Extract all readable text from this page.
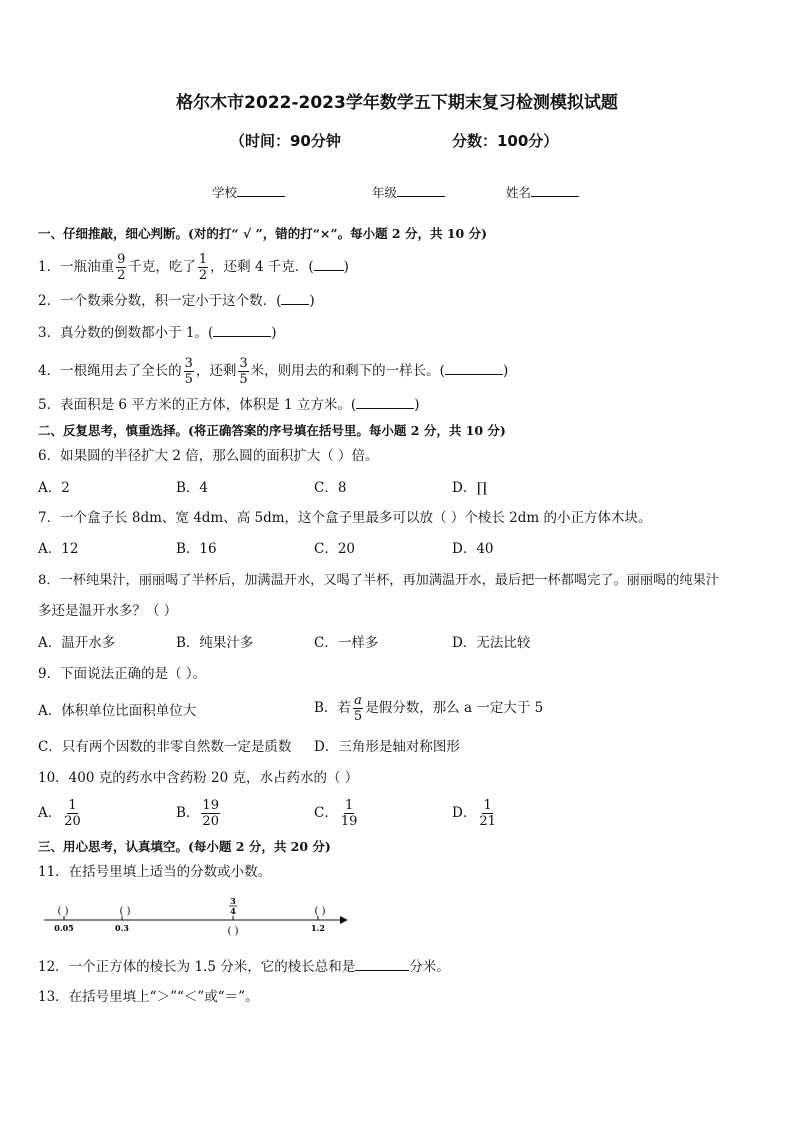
格尔木市2022-2023学年数学五下期末复习检测模拟试题
（时间：90分钟	分数：100分）
学校	年级	姓名
一、仔细推敲，细心判断。(对的打“ √ ”，错的打“×”。每小题 2 分，共 10 分)
1．一瓶油重 $\frac{9}{2}$ 千克，吃了 $\frac{1}{2}$ ，还剩 4 千克．( )
2．一个数乘分数，积一定小于这个数．( )
3．真分数的倒数都小于 1。(	)
4．一根绳用去了全长的 $\frac{3}{5}$ ，还剩 $\frac{3}{5}$ 米，则用去的和剩下的一样长。(	)
5．表面积是 6 平方米的正方体，体积是 1 立方米。(	)
二、反复思考，慎重选择。(将正确答案的序号填在括号里。每小题 2 分，共 10 分)
6．如果圆的半径扩大 2 倍，那么圆的面积扩大（ ）倍。
A．2	B．4	C．8	D．∏
7．一个盒子长 8dm、宽 4dm、高 5dm，这个盒子里最多可以放（ ）个棱长 2dm 的小正方体木块。
A．12	B．16	C．20	D．40
8．一杯纯果汁，丽丽喝了半杯后，加满温开水，又喝了半杯，再加满温开水，最后把一杯都喝完了。丽丽喝的纯果汁
多还是温开水多？（ ）
A．温开水多	B．纯果汁多	C．一样多	D．无法比较
9．下面说法正确的是（ ）。
A．体积单位比面积单位大	B．若 $\frac{a}{5}$ 是假分数，那么 a 一定大于 5
C．只有两个因数的非零自然数一定是质数 D．三角形是轴对称图形
10．400 克的药水中含药粉 20 克，水占药水的（ ）
A． $\frac{1}{20}$	B． $\frac{19}{20}$	C． $\frac{1}{19}$	D． $\frac{1}{21}$
三、用心思考，认真填空。(每小题 2 分，共 20 分)
11．在括号里填上适当的分数或小数。
( )	( )	( )
( )
0.05	0.3	1.2
3
4
12．一个正方体的棱长为 1.5 分米，它的棱长总和是	分米。
13．在括号里填上“＞”“＜”或“＝”。
